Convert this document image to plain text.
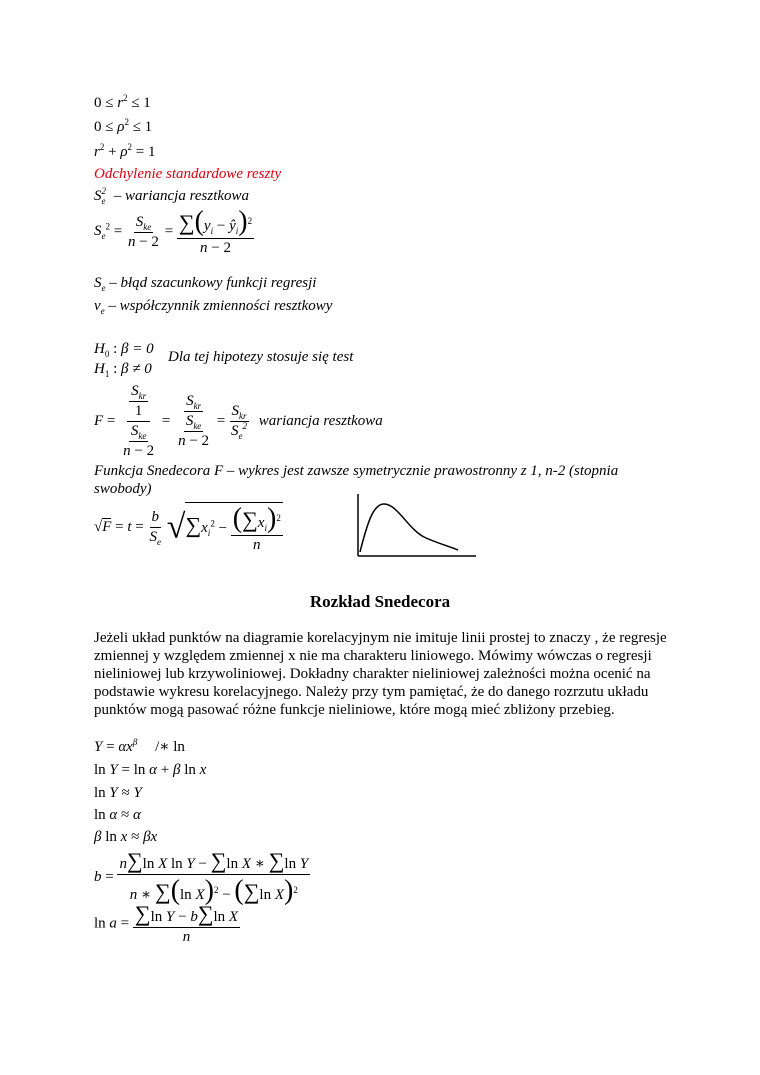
$0 \le r^2 \le 1$
$0 \le \rho^2 \le 1$
$r^2 + \rho^2 = 1$
Odchylenie standardowe reszty
$S_e^2$ – wariancja resztkowa
$S_e^2 = \frac{S_{ke}}{n - 2} = \frac{\sum(y_i - ŷ_i)^2}{n - 2}$
$S_e$ – błąd szacunkowy funkcji regresji
$v_e$ – współczynnik zmienności resztkowy
$H_0$ : β = 0 Dla tej hipotezy stosuje się test
$H_1$ : β ≠ 0
$F = \frac{\frac{S_{kr}}{1}}{\frac{S_{ke}}{n - 2}} = \frac{S_{kr}}{\frac{S_{ke}}{n - 2}} = \frac{S_{kr}}{S_e^2}$ wariancja resztkowa
Funkcja Snedecora F – wykres jest zawsze symetrycznie prawostronny z 1, n-2 (stopnia swobody)
$√F = t = \frac{b}{S_e} √\sum x_i^2 - \frac{(\sum x_i)^2}{n}$
Rozkład Snedecora
Jeżeli układ punktów na diagramie korelacyjnym nie imituje linii prostej to znaczy , że regresje zmiennej y względem zmiennej x nie ma charakteru liniowego. Mówimy wówczas o regresji nieliniowej lub krzywoliniowej. Dokładny charakter nieliniowej zależności można ocenić na podstawie wykresu korelacyjnego. Należy przy tym pamiętać, że do danego rozrzutu układu punktów mogą pasować różne funkcje nieliniowe, które mogą mieć zbliżony przebieg.
$Y = \alpha x^\beta$ /∗ ln
ln Y = ln α + β ln x
ln Y ≈ Y
ln α ≈ α
β ln x ≈ βx
$b = \frac{\text{n∑ln X ln Y − ∑ln X ∗ ∑ln Y}}{n ∗ \sum(\ln X)^2 - (\sum\ln X)^2}$
$\ln a = \frac{\text{∑ln Y − b∑ln X}}{n}$
